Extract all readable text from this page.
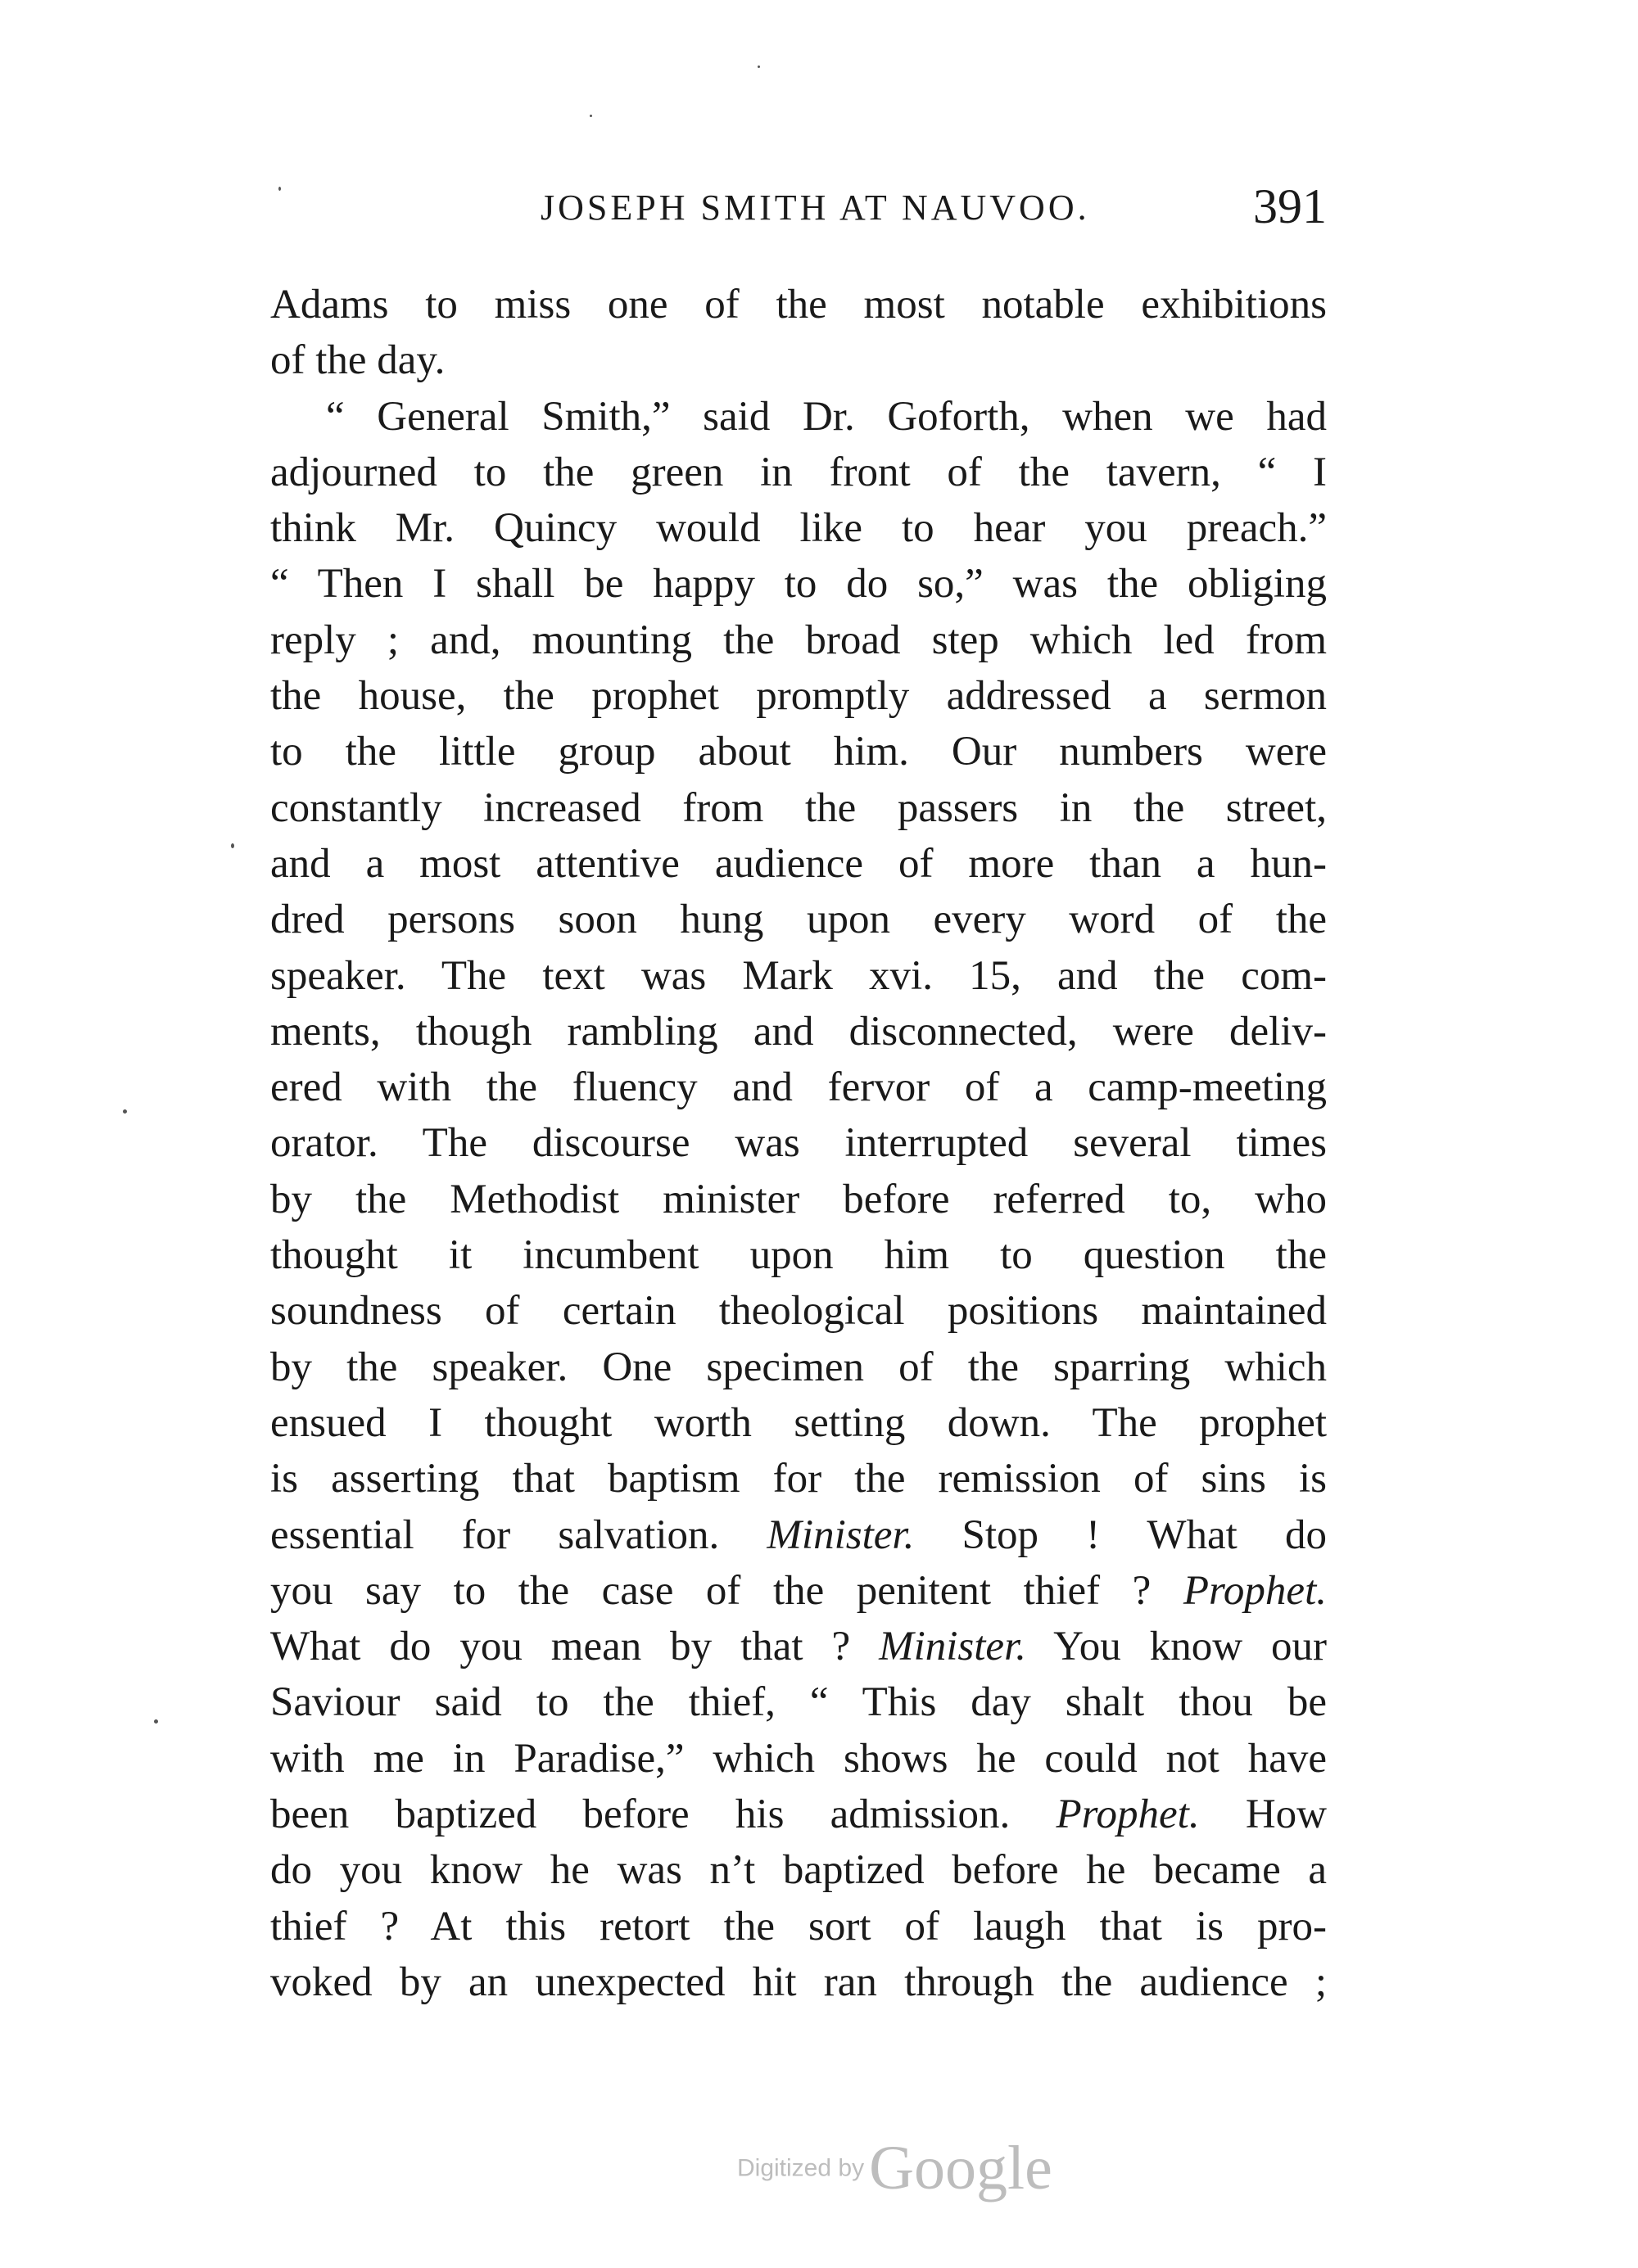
JOSEPH SMITH AT NAUVOO.	391
Adams to miss one of the most notable exhibitions
of the day.
“ General Smith,” said Dr. Goforth, when we had
adjourned to the green in front of the tavern, “ I
think Mr. Quincy would like to hear you preach.”
“ Then I shall be happy to do so,” was the obliging
reply ; and, mounting the broad step which led from
the house, the prophet promptly addressed a sermon
to the little group about him. Our numbers were
constantly increased from the passers in the street,
and a most attentive audience of more than a hun-
dred persons soon hung upon every word of the
speaker. The text was Mark xvi. 15, and the com-
ments, though rambling and disconnected, were deliv-
ered with the fluency and fervor of a camp-meeting
orator. The discourse was interrupted several times
by the Methodist minister before referred to, who
thought it incumbent upon him to question the
soundness of certain theological positions maintained
by the speaker. One specimen of the sparring which
ensued I thought worth setting down. The prophet
is asserting that baptism for the remission of sins is
essential for salvation. Minister. Stop ! What do
you say to the case of the penitent thief ? Prophet.
What do you mean by that ? Minister. You know our
Saviour said to the thief, “ This day shalt thou be
with me in Paradise,” which shows he could not have
been baptized before his admission. Prophet. How
do you know he was n’t baptized before he became a
thief ? At this retort the sort of laugh that is pro-
voked by an unexpected hit ran through the audience ;
Digitized byGoogle
